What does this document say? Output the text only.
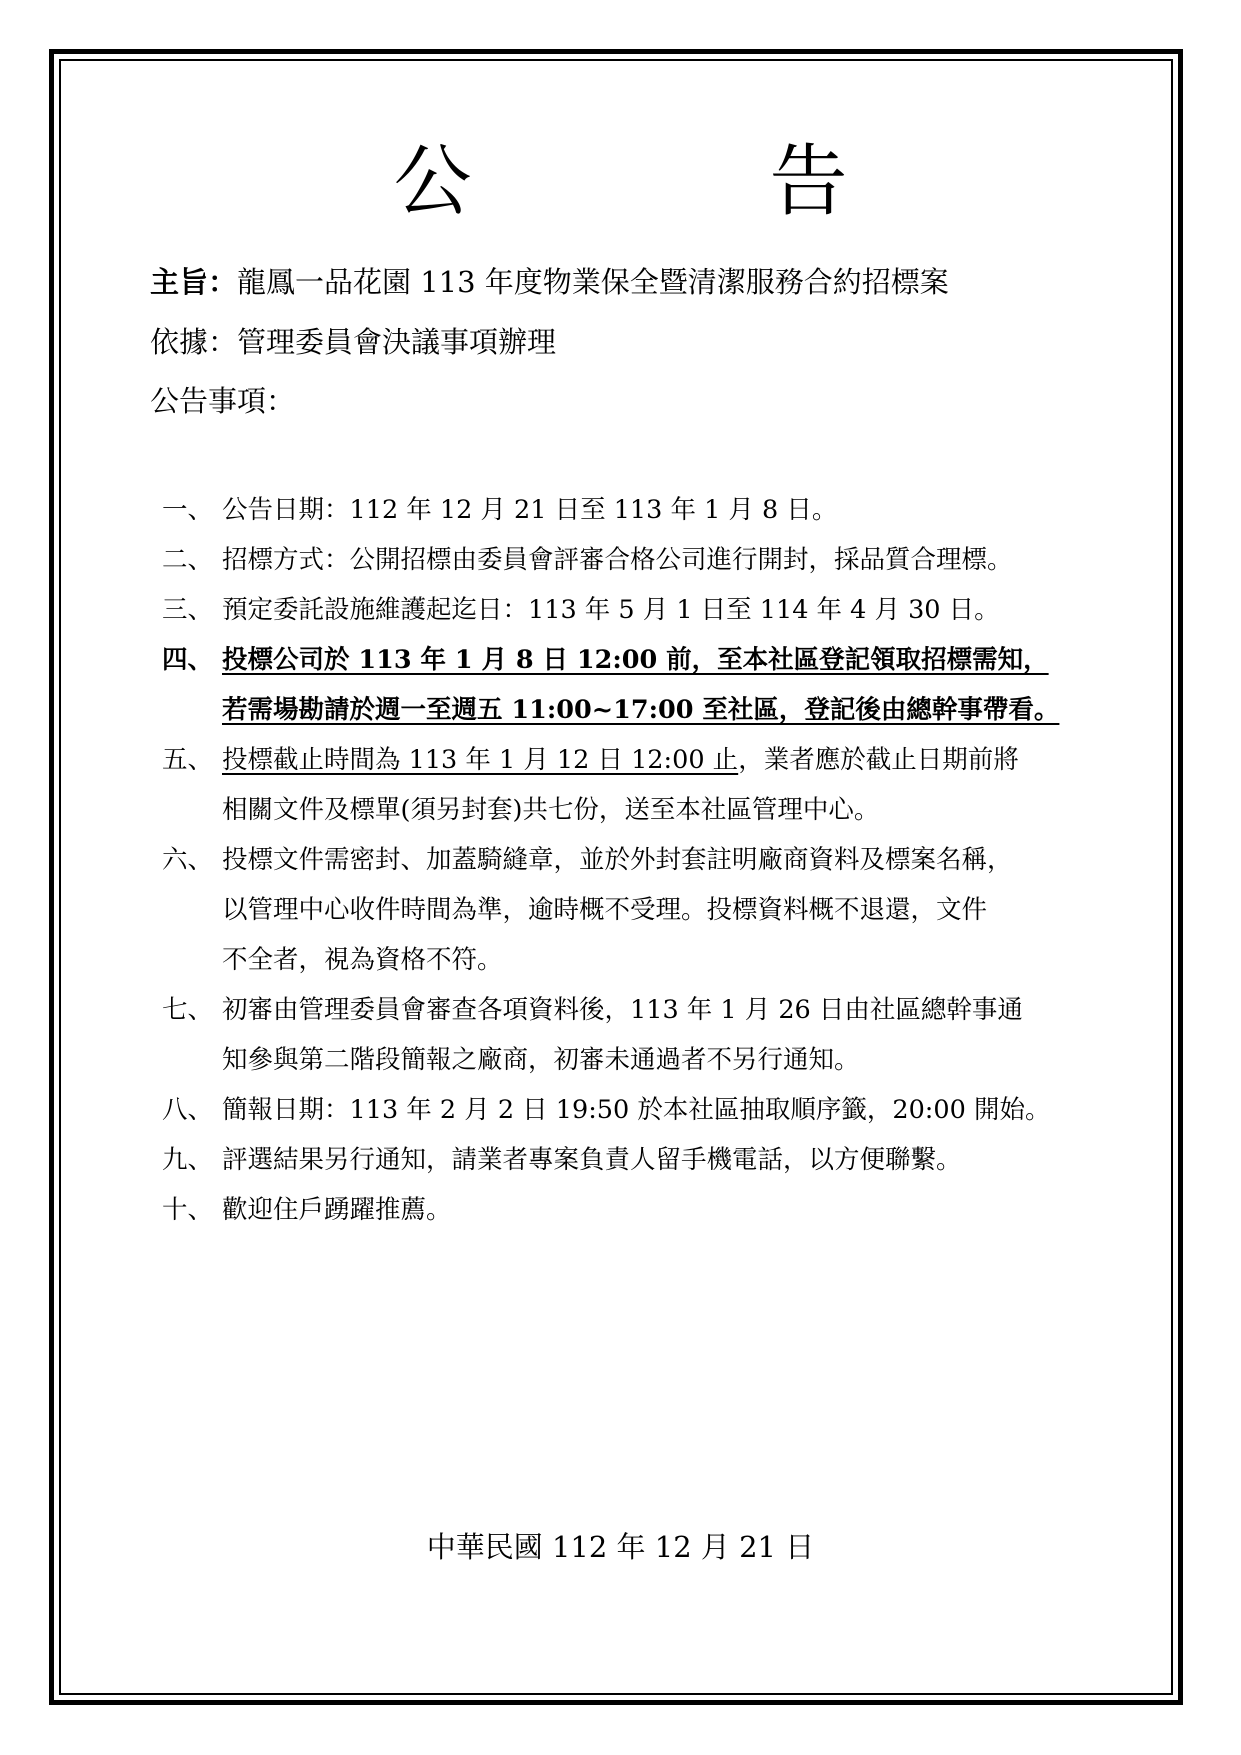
公　告
主旨：龍鳳一品花園 113 年度物業保全暨清潔服務合約招標案
依據：管理委員會決議事項辦理
公告事項：
一、 公告日期：112 年 12 月 21 日至 113 年 1 月 8 日。
二、 招標方式：公開招標由委員會評審合格公司進行開封，採品質合理標。
三、 預定委託設施維護起迄日：113 年 5 月 1 日至 114 年 4 月 30 日。
四、 投標公司於 113 年 1 月 8 日 12:00 前，至本社區登記領取招標需知，
若需場勘請於週一至週五 11:00~17:00 至社區，登記後由總幹事帶看。
五、 投標截止時間為 113 年 1 月 12 日 12:00 止，業者應於截止日期前將
相關文件及標單(須另封套)共七份，送至本社區管理中心。
六、 投標文件需密封、加蓋騎縫章，並於外封套註明廠商資料及標案名稱，
以管理中心收件時間為準，逾時概不受理。投標資料概不退還，文件
不全者，視為資格不符。
七、 初審由管理委員會審查各項資料後，113 年 1 月 26 日由社區總幹事通
知參與第二階段簡報之廠商，初審未通過者不另行通知。
八、 簡報日期：113 年 2 月 2 日 19:50 於本社區抽取順序籤，20:00 開始。
九、 評選結果另行通知，請業者專案負責人留手機電話，以方便聯繫。
十、 歡迎住戶踴躍推薦。
中華民國 112 年 12 月 21 日
